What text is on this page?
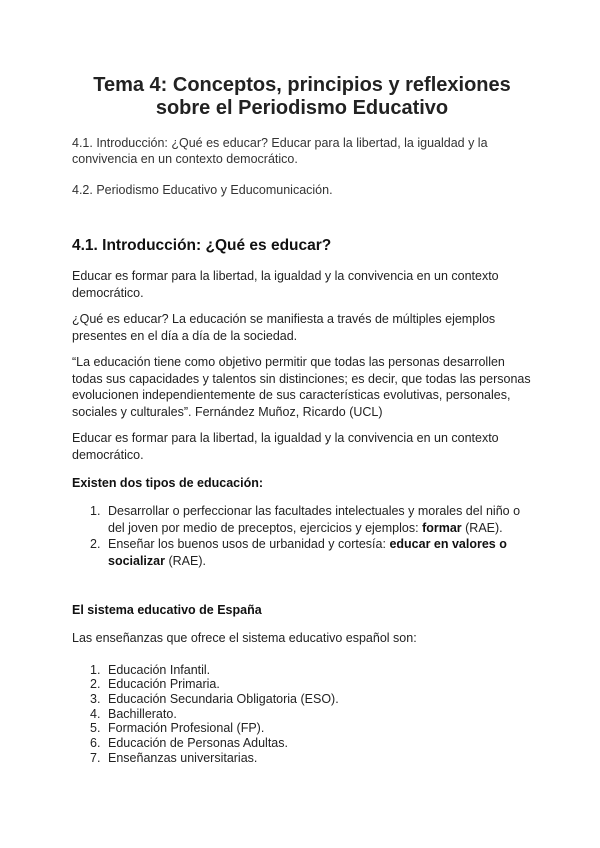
Tema 4: Conceptos, principios y reflexiones sobre el Periodismo Educativo

4.1. Introducción: ¿Qué es educar? Educar para la libertad, la igualdad y la convivencia en un contexto democrático.

4.2. Periodismo Educativo y Educomunicación.

4.1. Introducción: ¿Qué es educar?

Educar es formar para la libertad, la igualdad y la convivencia en un contexto democrático.

¿Qué es educar? La educación se manifiesta a través de múltiples ejemplos presentes en el día a día de la sociedad.

“La educación tiene como objetivo permitir que todas las personas desarrollen todas sus capacidades y talentos sin distinciones; es decir, que todas las personas evolucionen independientemente de sus características evolutivas, personales, sociales y culturales”. Fernández Muñoz, Ricardo (UCL)

Educar es formar para la libertad, la igualdad y la convivencia en un contexto democrático.

Existen dos tipos de educación:

1. Desarrollar o perfeccionar las facultades intelectuales y morales del niño o del joven por medio de preceptos, ejercicios y ejemplos: formar (RAE).
2. Enseñar los buenos usos de urbanidad y cortesía: educar en valores o socializar (RAE).

El sistema educativo de España

Las enseñanzas que ofrece el sistema educativo español son:

1. Educación Infantil.
2. Educación Primaria.
3. Educación Secundaria Obligatoria (ESO).
4. Bachillerato.
5. Formación Profesional (FP).
6. Educación de Personas Adultas.
7. Enseñanzas universitarias.
